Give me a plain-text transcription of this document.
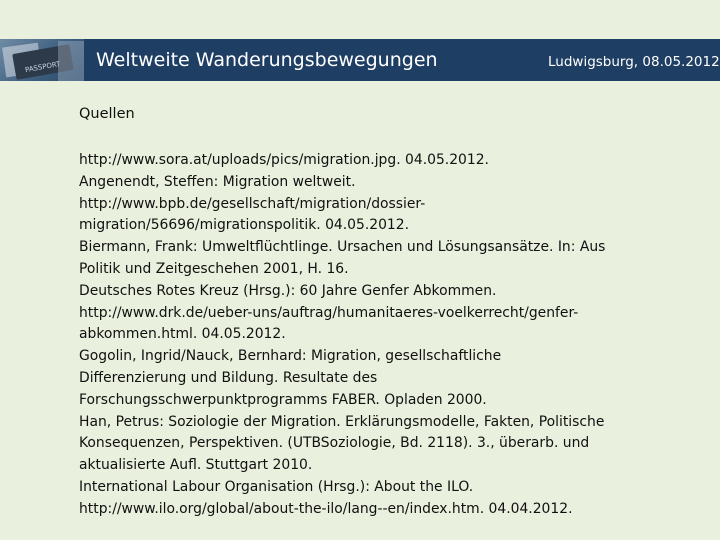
PASSPORT Weltweite Wanderungsbewegungen	Ludwigsburg, 08.05.2012
Quellen
http://www.sora.at/uploads/pics/migration.jpg. 04.05.2012.
Angenendt, Steffen: Migration weltweit.
http://www.bpb.de/gesellschaft/migration/dossier-
migration/56696/migrationspolitik. 04.05.2012.
Biermann, Frank: Umweltflüchtlinge. Ursachen und Lösungsansätze. In: Aus
Politik und Zeitgeschehen 2001, H. 16.
Deutsches Rotes Kreuz (Hrsg.): 60 Jahre Genfer Abkommen.
http://www.drk.de/ueber-uns/auftrag/humanitaeres-voelkerrecht/genfer-
abkommen.html. 04.05.2012.
Gogolin, Ingrid/Nauck, Bernhard: Migration, gesellschaftliche
Differenzierung und Bildung. Resultate des
Forschungsschwerpunktprogramms FABER. Opladen 2000.
Han, Petrus: Soziologie der Migration. Erklärungsmodelle, Fakten, Politische
Konsequenzen, Perspektiven. (UTBSoziologie, Bd. 2118). 3., überarb. und
aktualisierte Aufl. Stuttgart 2010.
International Labour Organisation (Hrsg.): About the ILO.
http://www.ilo.org/global/about-the-ilo/lang--en/index.htm. 04.04.2012.
